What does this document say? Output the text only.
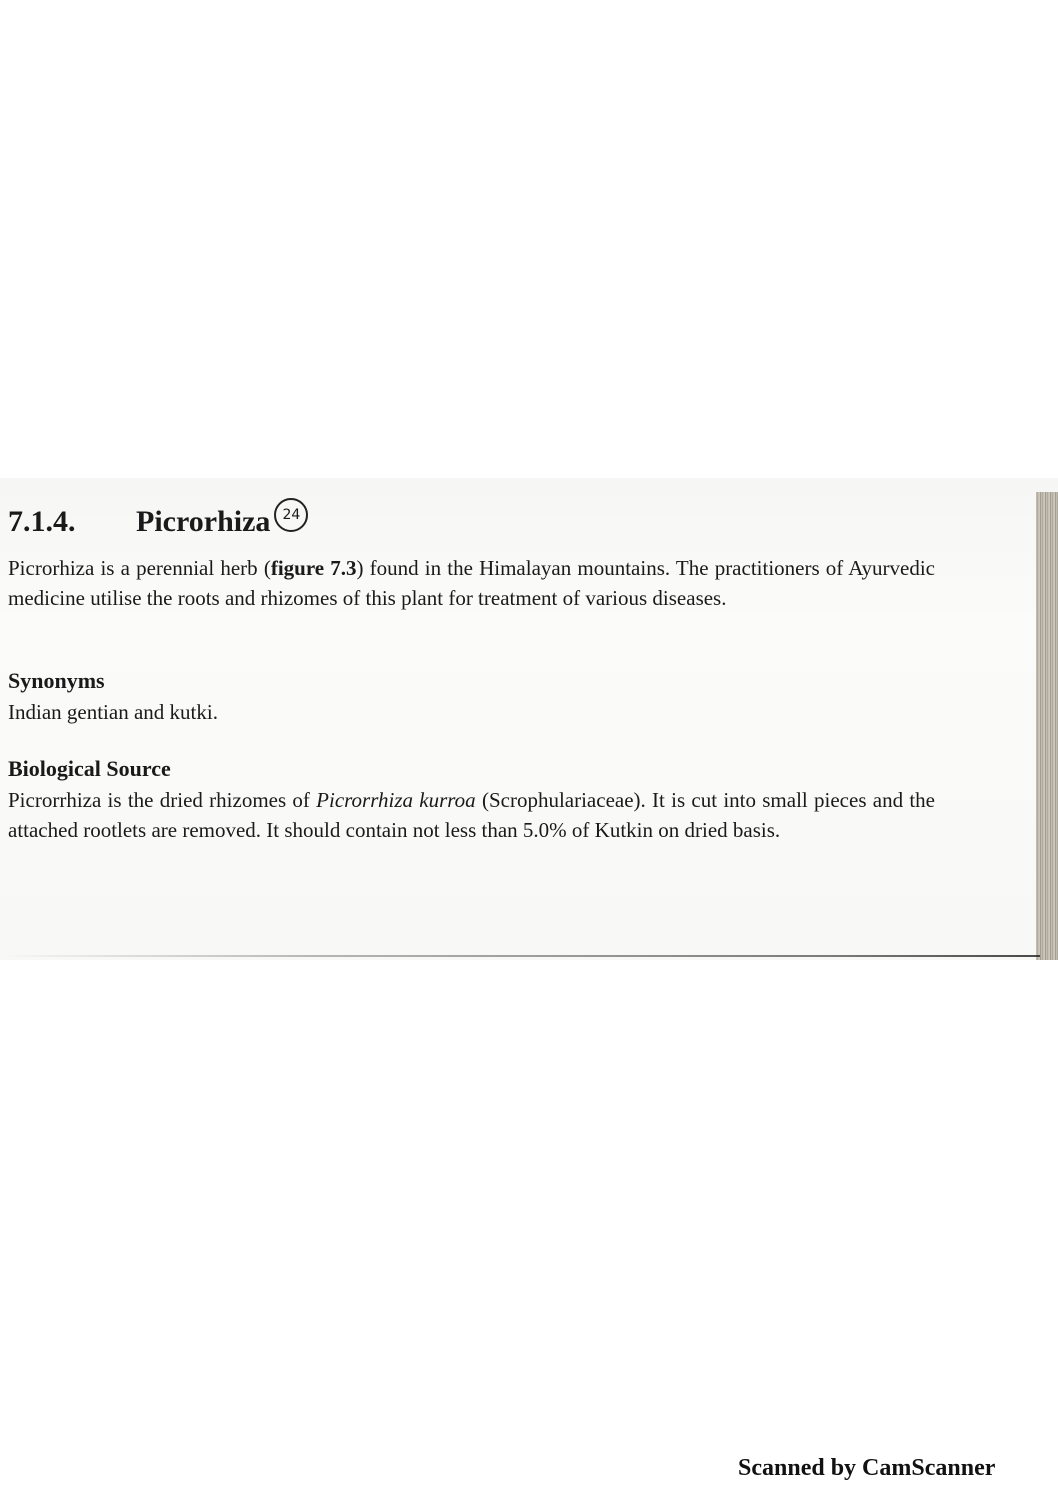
7.1.4.	Picrorhiza 24
Picrorhiza is a perennial herb (figure 7.3) found in the Himalayan mountains. The practitioners of Ayurvedic medicine utilise the roots and rhizomes of this plant for treatment of various diseases.
Synonyms
Indian gentian and kutki.
Biological Source
Picrorrhiza is the dried rhizomes of Picrorrhiza kurroa (Scrophulariaceae). It is cut into small pieces and the attached rootlets are removed. It should contain not less than 5.0% of Kutkin on dried basis.
Scanned by CamScanner
